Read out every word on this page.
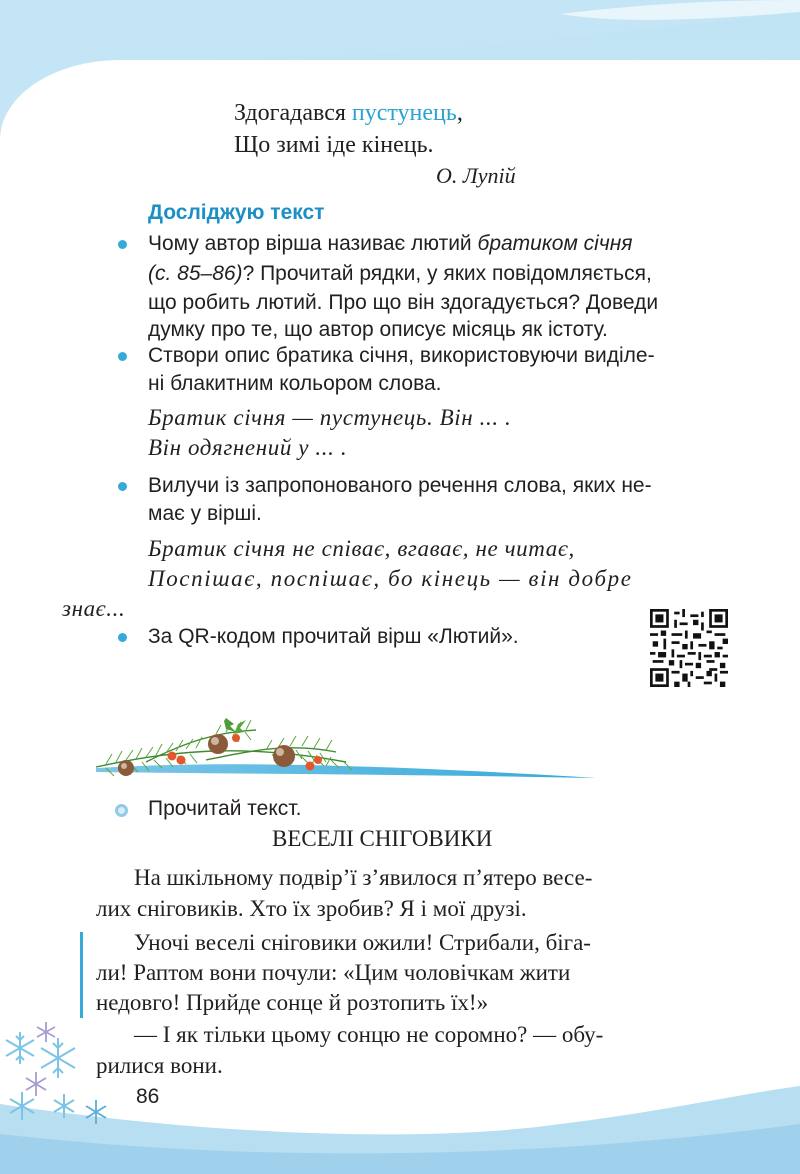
Здогадався пустунець,
Що зимі іде кінець.
О. Лупій
Досліджую текст
Чому автор вірша називає лютий братиком січня
(с. 85–86)? Прочитай рядки, у яких повідомляється,
що робить лютий. Про що він здогадується? Доведи
думку про те, що автор описує місяць як істоту.
Створи опис братика січня, використовуючи виділе-
ні блакитним кольором слова.
Братик січня — пустунець. Він ... .
Він одягнений у ... .
Вилучи із запропонованого речення слова, яких не-
має у вірші.
Братик січня не співає, вгаває, не читає,
Поспішає, поспішає, бо кінець — він добре
знає...
За QR-кодом прочитай вірш «Лютий».
Прочитай текст.
ВЕСЕЛІ СНІГОВИКИ
На шкільному подвір’ї з’явилося п’ятеро весе-
лих сніговиків. Хто їх зробив? Я і мої друзі.
Уночі веселі сніговики ожили! Стрибали, біга-
ли! Раптом вони почули: «Цим чоловічкам жити
недовго! Прийде сонце й розтопить їх!»
— І як тільки цьому сонцю не соромно? — обу-
рилися вони.
86
